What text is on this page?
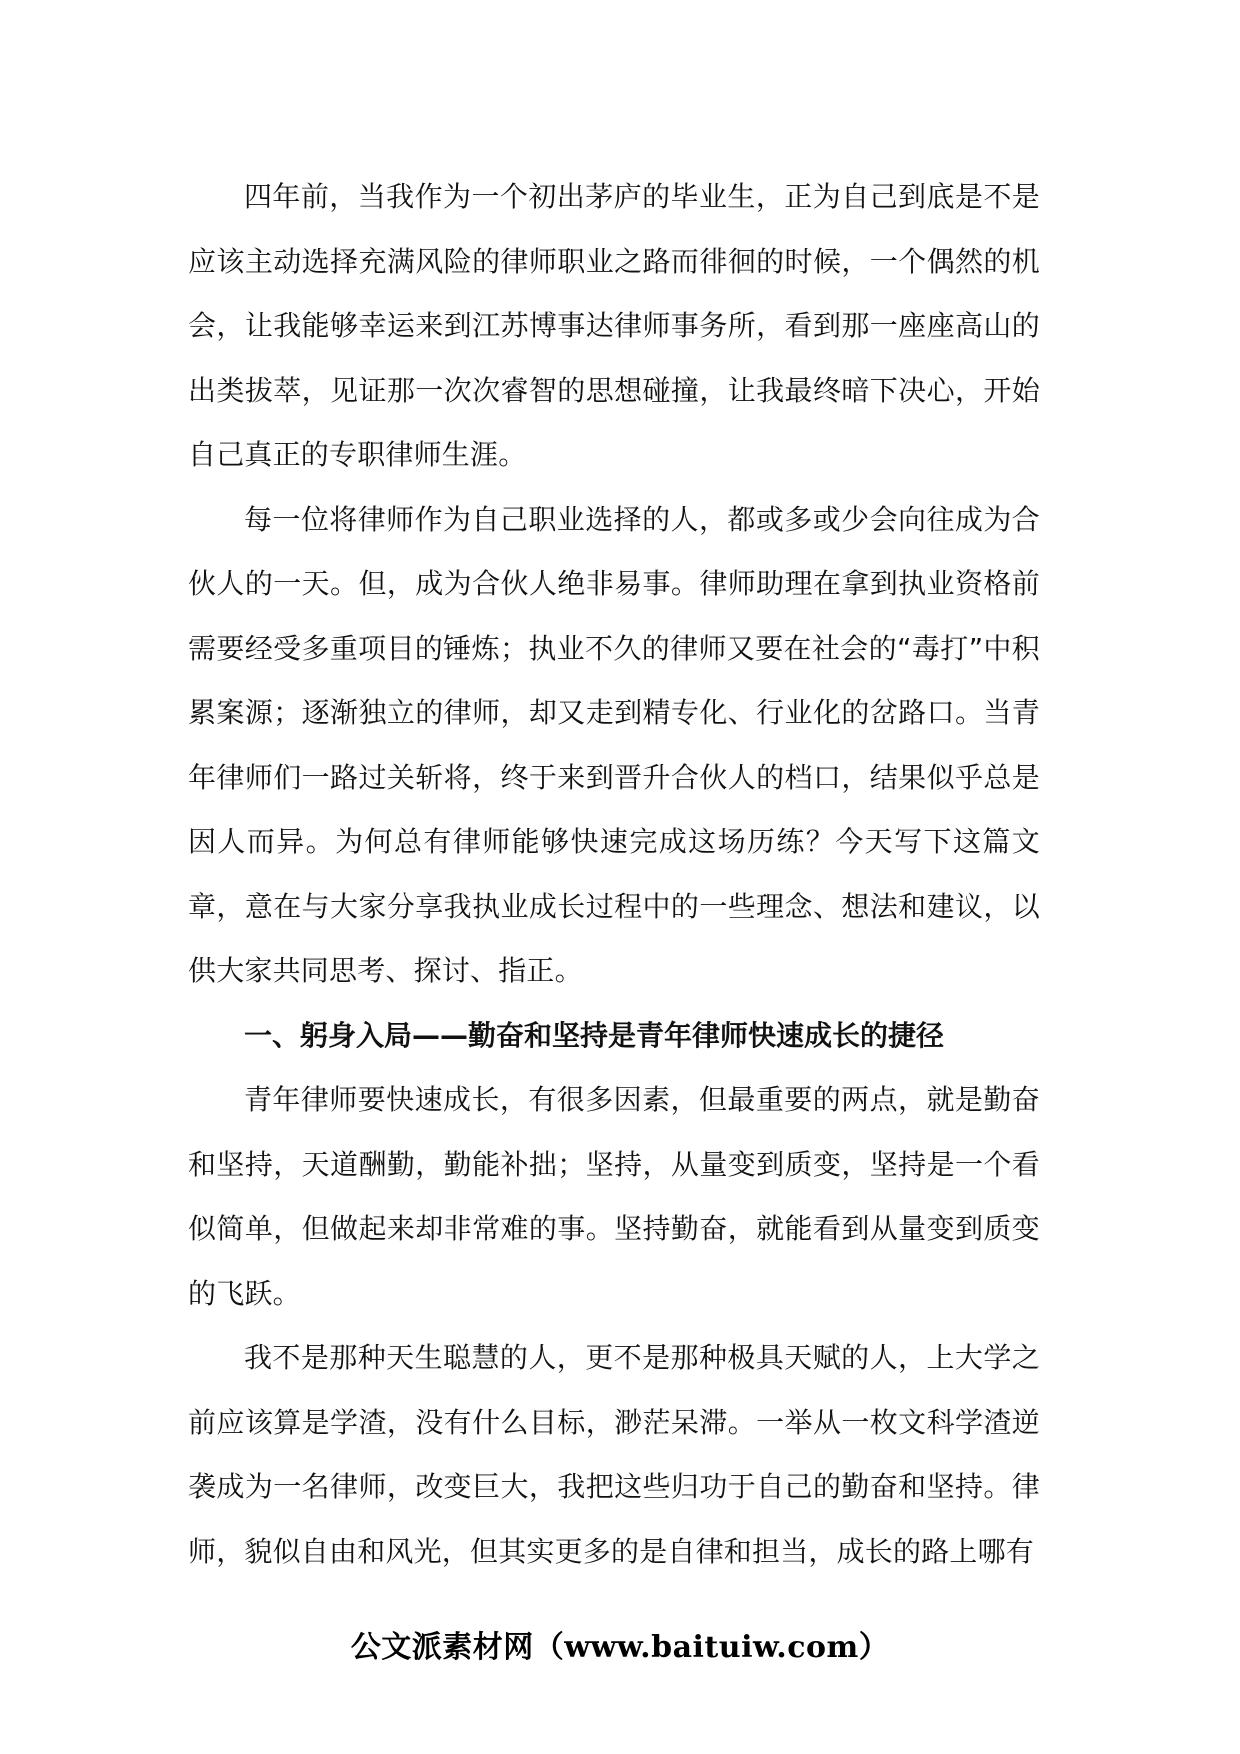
四年前，当我作为一个初出茅庐的毕业生，正为自己到底是不是应该主动选择充满风险的律师职业之路而徘徊的时候，一个偶然的机会，让我能够幸运来到江苏博事达律师事务所，看到那一座座高山的出类拔萃，见证那一次次睿智的思想碰撞，让我最终暗下决心，开始自己真正的专职律师生涯。

每一位将律师作为自己职业选择的人，都或多或少会向往成为合伙人的一天。但，成为合伙人绝非易事。律师助理在拿到执业资格前需要经受多重项目的锤炼；执业不久的律师又要在社会的“毒打”中积累案源；逐渐独立的律师，却又走到精专化、行业化的岔路口。当青年律师们一路过关斩将，终于来到晋升合伙人的档口，结果似乎总是因人而异。为何总有律师能够快速完成这场历练？今天写下这篇文章，意在与大家分享我执业成长过程中的一些理念、想法和建议，以供大家共同思考、探讨、指正。

一、躬身入局——勤奋和坚持是青年律师快速成长的捷径

青年律师要快速成长，有很多因素，但最重要的两点，就是勤奋和坚持，天道酬勤，勤能补拙；坚持，从量变到质变，坚持是一个看似简单，但做起来却非常难的事。坚持勤奋，就能看到从量变到质变的飞跃。

我不是那种天生聪慧的人，更不是那种极具天赋的人，上大学之前应该算是学渣，没有什么目标，渺茫呆滞。一举从一枚文科学渣逆袭成为一名律师，改变巨大，我把这些归功于自己的勤奋和坚持。律师，貌似自由和风光，但其实更多的是自律和担当，成长的路上哪有

公文派素材网（www.baituiw.com）
